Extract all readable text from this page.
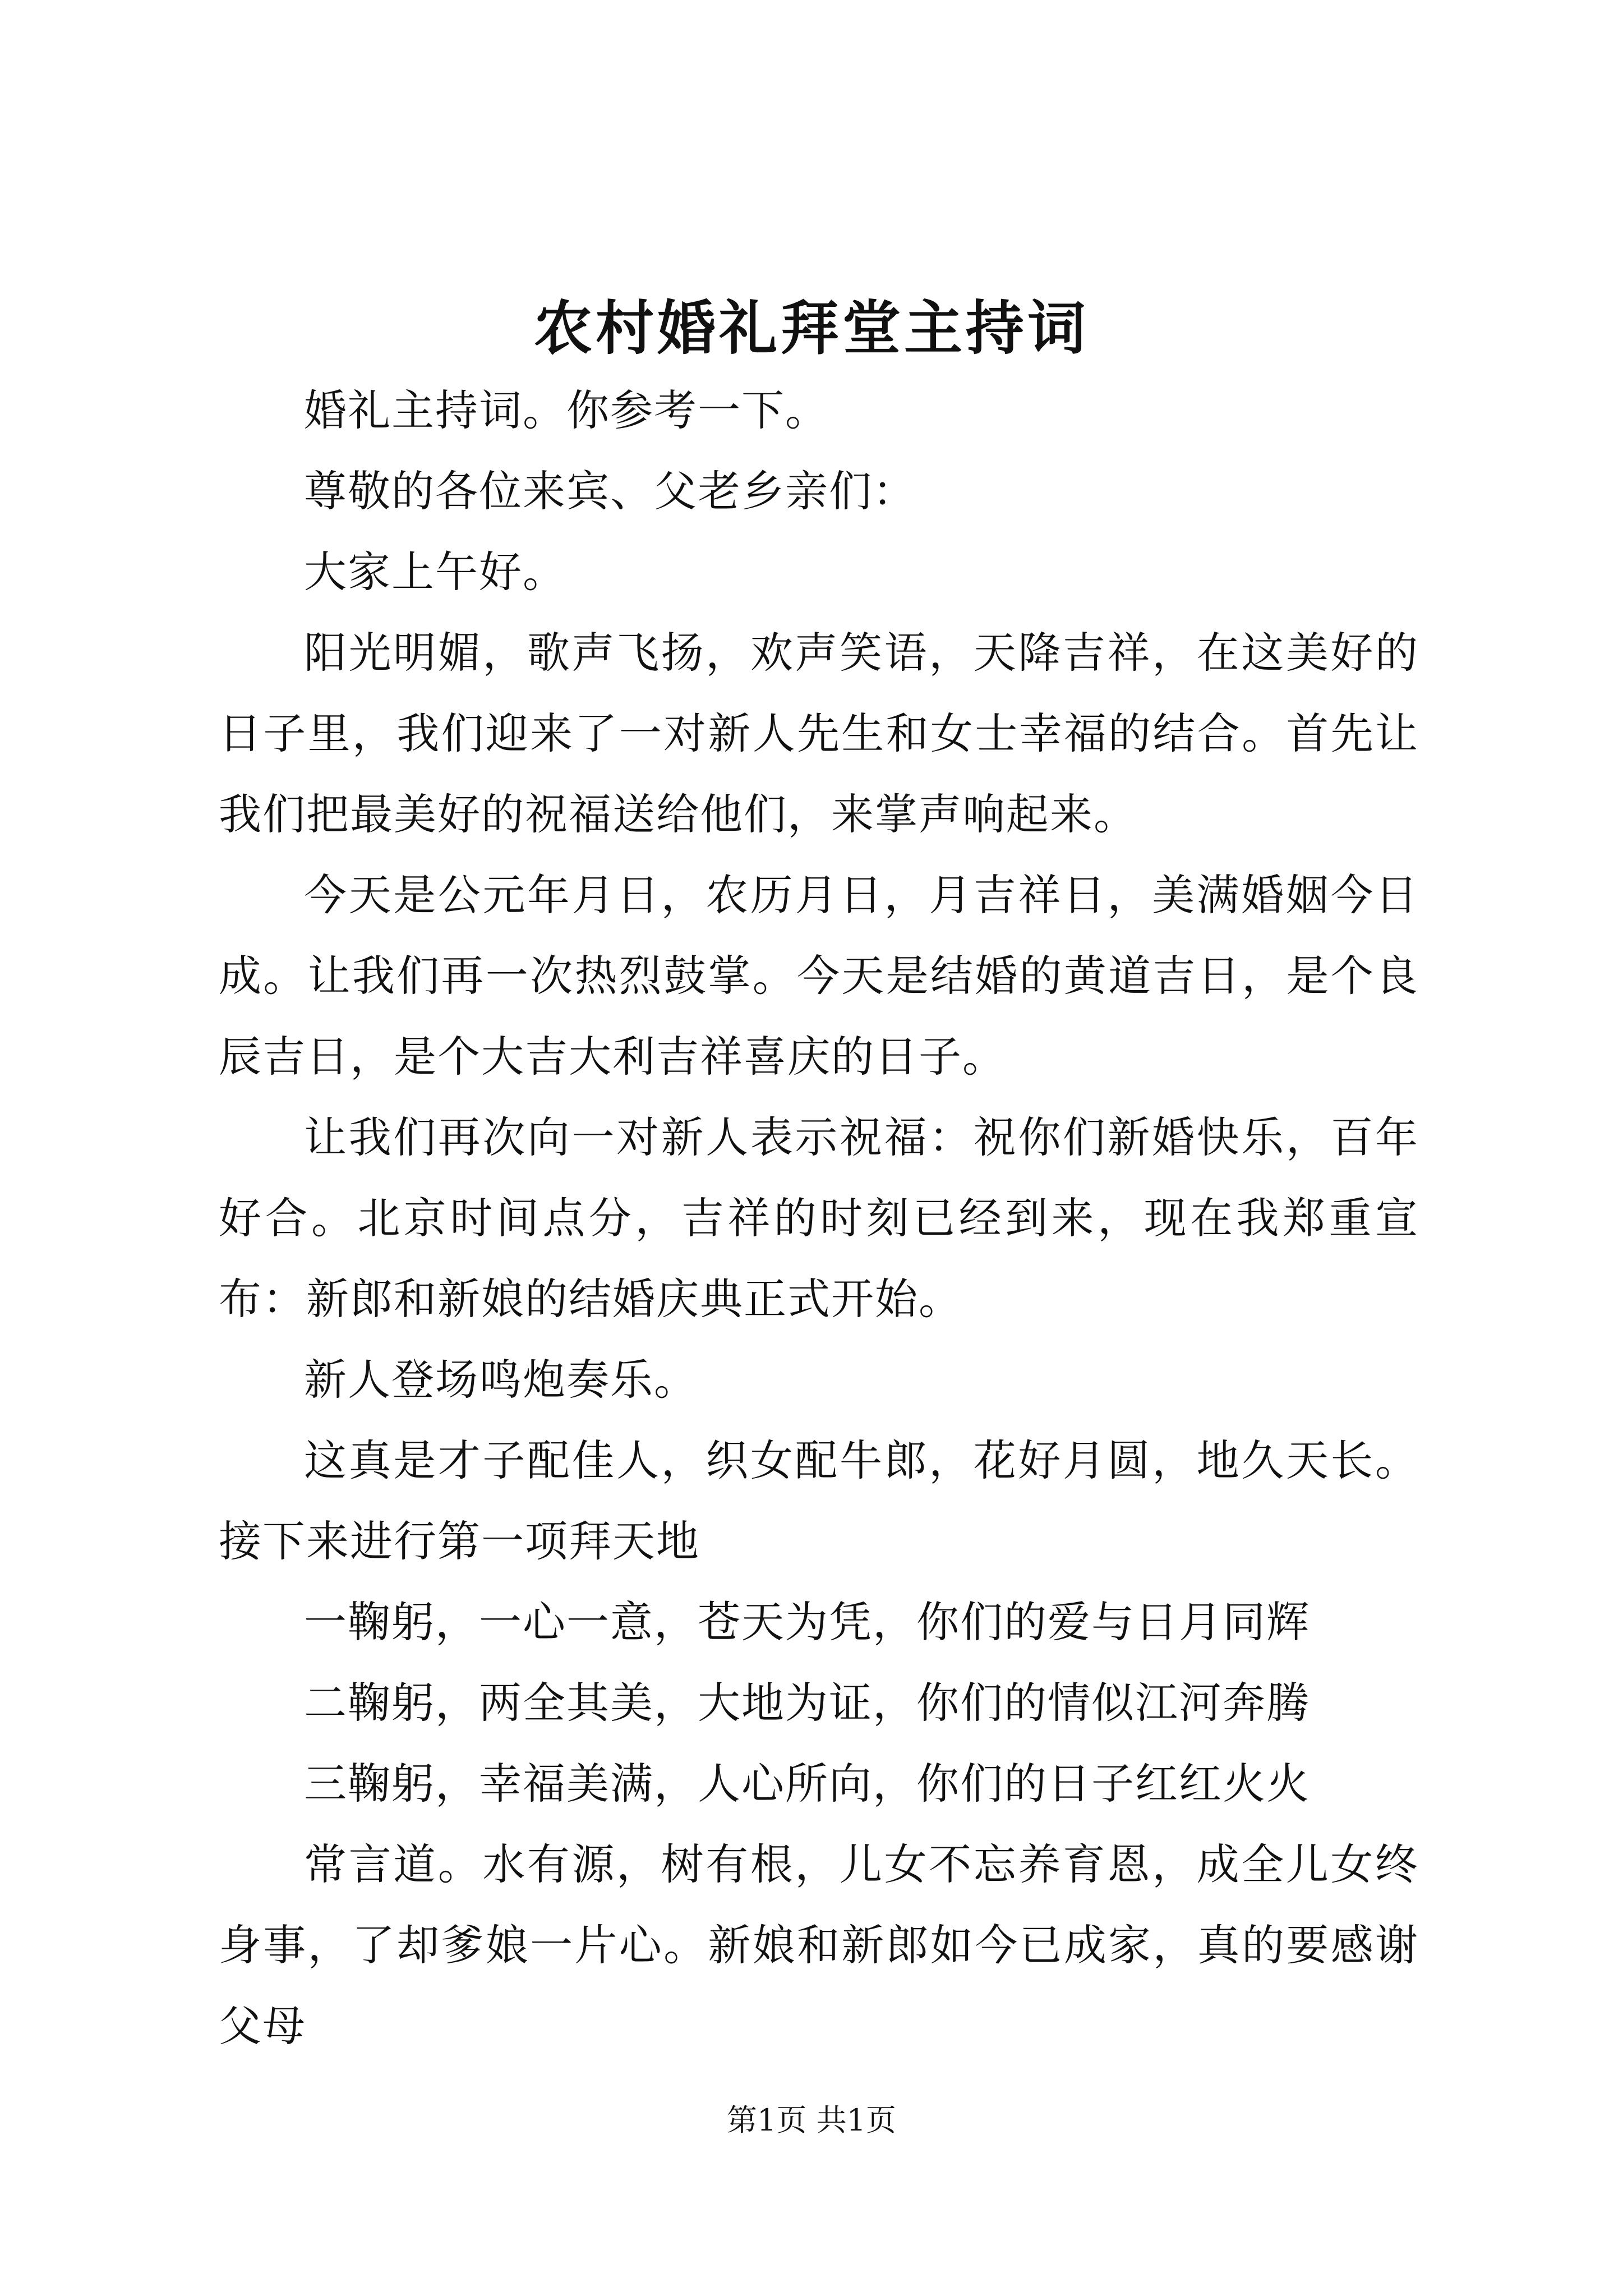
农村婚礼拜堂主持词

婚礼主持词。你参考一下。

尊敬的各位来宾、父老乡亲们：

大家上午好。

阳光明媚，歌声飞扬，欢声笑语，天降吉祥，在这美好的日子里，我们迎来了一对新人先生和女士幸福的结合。首先让我们把最美好的祝福送给他们，来掌声响起来。

今天是公元年月日，农历月日，月吉祥日，美满婚姻今日成。让我们再一次热烈鼓掌。今天是结婚的黄道吉日，是个良辰吉日，是个大吉大利吉祥喜庆的日子。

让我们再次向一对新人表示祝福：祝你们新婚快乐，百年好合。北京时间点分，吉祥的时刻已经到来，现在我郑重宣布：新郎和新娘的结婚庆典正式开始。

新人登场鸣炮奏乐。

这真是才子配佳人，织女配牛郎，花好月圆，地久天长。接下来进行第一项拜天地

一鞠躬，一心一意，苍天为凭，你们的爱与日月同辉

二鞠躬，两全其美，大地为证，你们的情似江河奔腾

三鞠躬，幸福美满，人心所向，你们的日子红红火火

常言道。水有源，树有根，儿女不忘养育恩，成全儿女终身事，了却爹娘一片心。新娘和新郎如今已成家，真的要感谢父母

第1页 共1页
